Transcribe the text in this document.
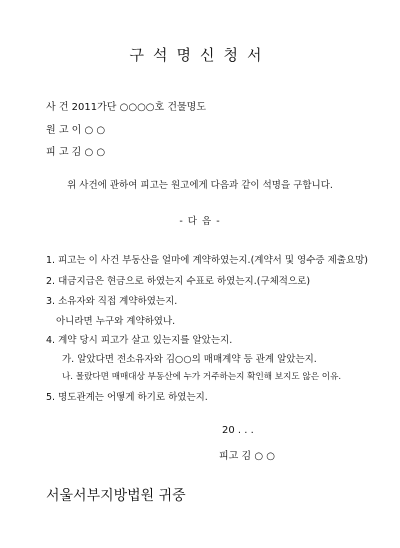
구석명신청서
사 건 2011가단 ○○○○호 건물명도
원 고 이 ○ ○
피 고 김 ○ ○
위 사건에 관하여 피고는 원고에게 다음과 같이 석명을 구합니다.
- 다 음 -
1. 피고는 이 사건 부동산을 얼마에 계약하였는지.(계약서 및 영수증 제출요망)
2. 대금지급은 현금으로 하였는지 수표로 하였는지.(구체적으로)
3. 소유자와 직접 계약하였는지.
아니라면 누구와 계약하였나.
4. 계약 당시 피고가 살고 있는지를 알았는지.
가. 알았다면 전소유자와 김○○의 매매계약 등 관계 알았는지.
나. 몰랐다면 매매대상 부동산에 누가 거주하는지 확인해 보지도 않은 이유.
5. 명도관계는 어떻게 하기로 하였는지.
20 . . .
피고 김 ○ ○
서울서부지방법원 귀중
